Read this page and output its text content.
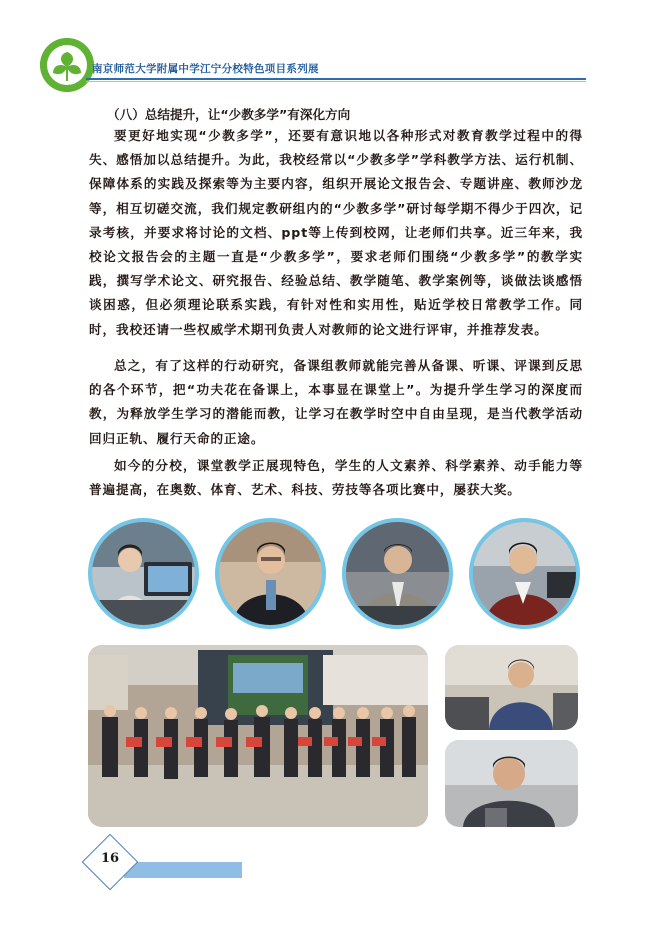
南京师范大学附属中学江宁分校特色项目系列展
（八）总结提升，让“少教多学”有深化方向

要更好地实现“少教多学”，还要有意识地以各种形式对教育教学过程中的得失、感悟加以总结提升。为此，我校经常以“少教多学”学科教学方法、运行机制、保障体系的实践及探索等为主要内容，组织开展论文报告会、专题讲座、教师沙龙等，相互切磋交流，我们规定教研组内的“少教多学”研讨每学期不得少于四次，记录考核，并要求将讨论的文档、ppt等上传到校网，让老师们共享。近三年来，我校论文报告会的主题一直是“少教多学”，要求老师们围绕“少教多学”的教学实践，撰写学术论文、研究报告、经验总结、教学随笔、教学案例等，谈做法谈感悟谈困惑，但必须理论联系实践，有针对性和实用性，贴近学校日常教学工作。同时，我校还请一些权威学术期刊负责人对教师的论文进行评审，并推荐发表。

总之，有了这样的行动研究，备课组教师就能完善从备课、听课、评课到反思的各个环节，把“功夫花在备课上，本事显在课堂上”。为提升学生学习的深度而教，为释放学生学习的潜能而教，让学习在教学时空中自由呈现，是当代教学活动回归正轨、履行天命的正途。

如今的分校，课堂教学正展现特色，学生的人文素养、科学素养、动手能力等普遍提高，在奥数、体育、艺术、科技、劳技等各项比赛中，屡获大奖。

16
